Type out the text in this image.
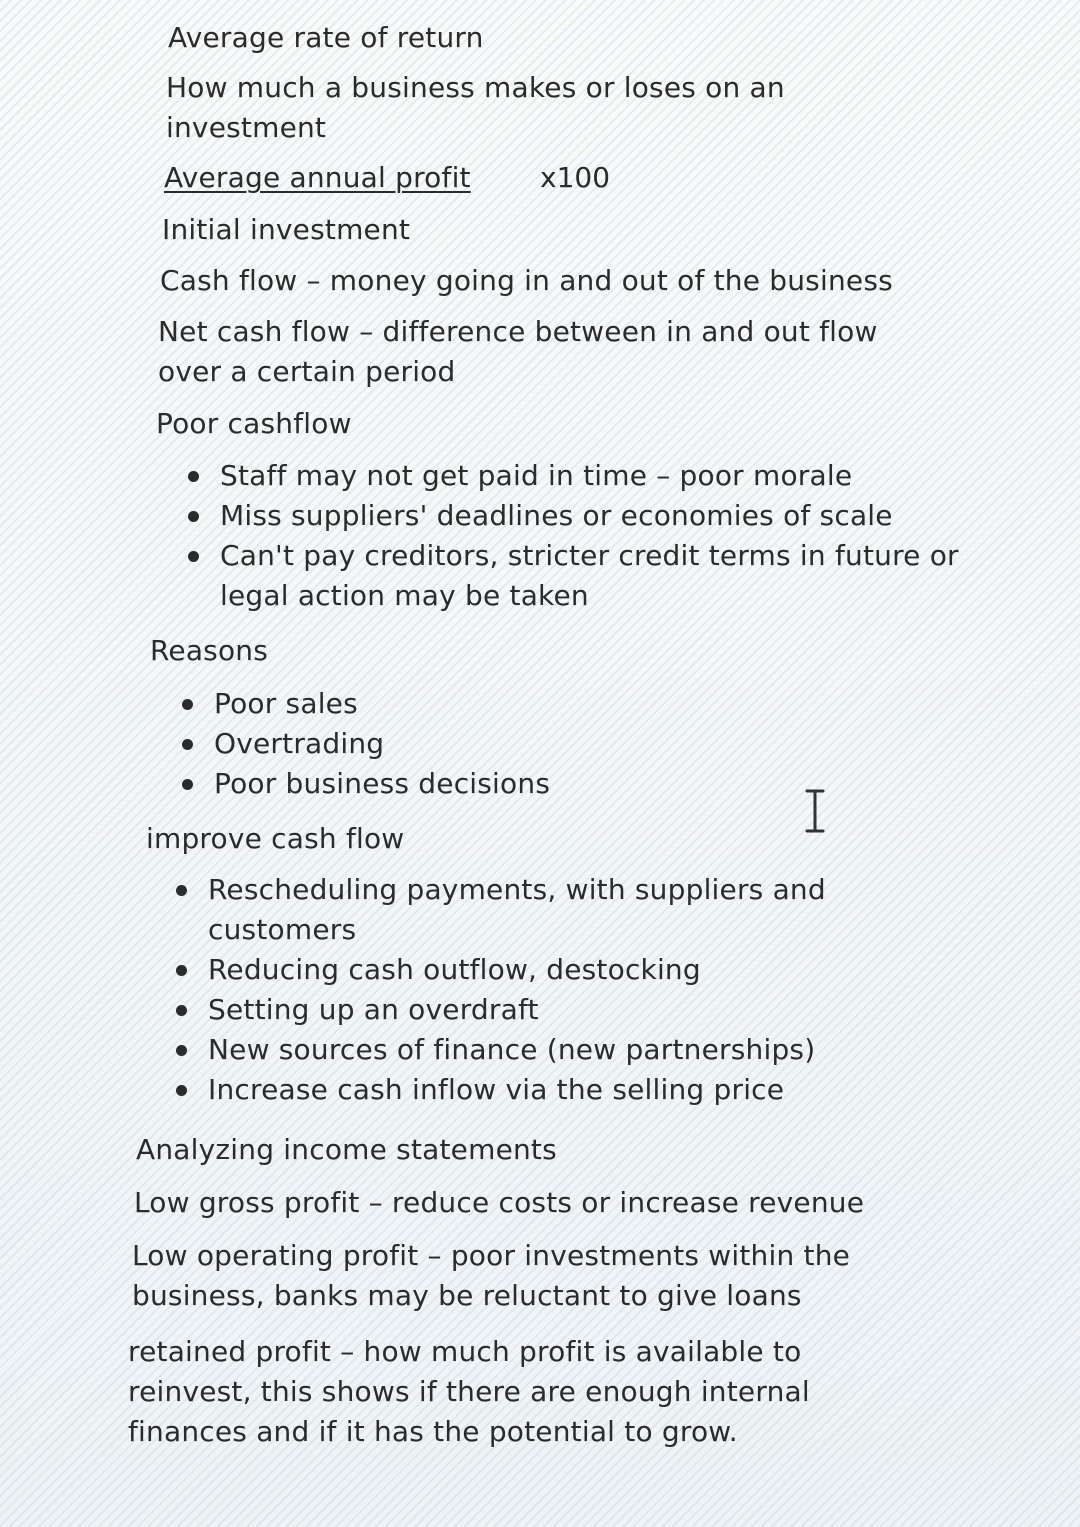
Average rate of return
How much a business makes or loses on an investment
Average annual profit x100
Initial investment
Cash flow – money going in and out of the business
Net cash flow – difference between in and out flow over a certain period
Poor cashflow
Staff may not get paid in time – poor morale
Miss suppliers' deadlines or economies of scale
Can't pay creditors, stricter credit terms in future or legal action may be taken
Reasons
Poor sales
Overtrading
Poor business decisions
improve cash flow
Rescheduling payments, with suppliers and customers
Reducing cash outflow, destocking
Setting up an overdraft
New sources of finance (new partnerships)
Increase cash inflow via the selling price
Analyzing income statements
Low gross profit – reduce costs or increase revenue
Low operating profit – poor investments within the business, banks may be reluctant to give loans
retained profit – how much profit is available to reinvest, this shows if there are enough internal finances and if it has the potential to grow.
